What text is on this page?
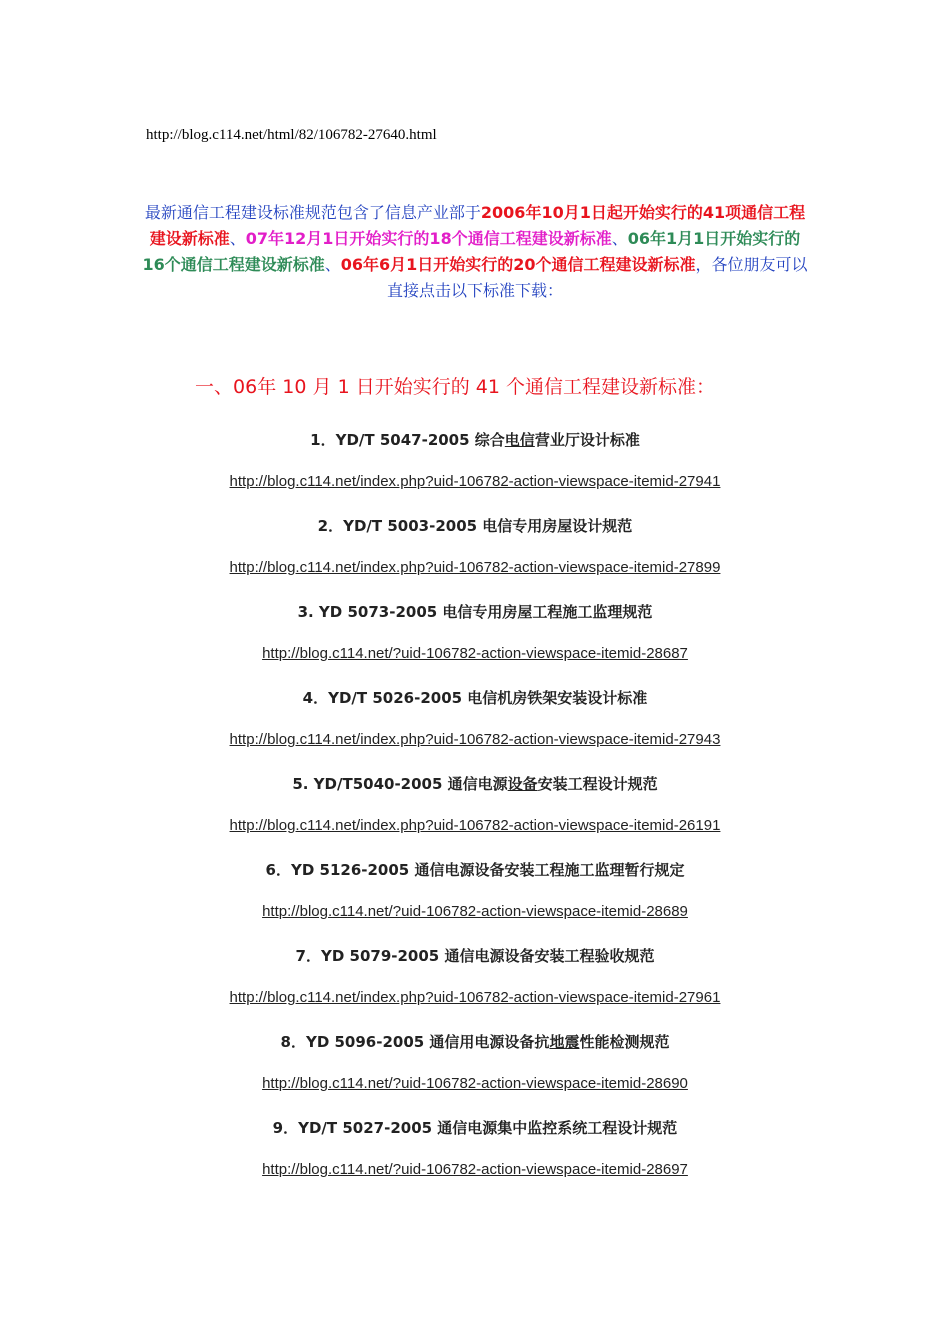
http://blog.c114.net/html/82/106782-27640.html
最新通信工程建设标准规范包含了信息产业部于2006年10月1日起开始实行的41项通信工程建设新标准、07年12月1日开始实行的18个通信工程建设新标准、06年1月1日开始实行的16个通信工程建设新标准、06年6月1日开始实行的20个通信工程建设新标准，各位朋友可以直接点击以下标准下载：
一、06年 10 月 1 日开始实行的 41 个通信工程建设新标准：
1．YD/T 5047-2005 综合电信营业厅设计标准
http://blog.c114.net/index.php?uid-106782-action-viewspace-itemid-27941
2．YD/T 5003-2005 电信专用房屋设计规范
http://blog.c114.net/index.php?uid-106782-action-viewspace-itemid-27899
3. YD 5073-2005 电信专用房屋工程施工监理规范
http://blog.c114.net/?uid-106782-action-viewspace-itemid-28687
4．YD/T 5026-2005 电信机房铁架安装设计标准
http://blog.c114.net/index.php?uid-106782-action-viewspace-itemid-27943
5. YD/T5040-2005 通信电源设备安装工程设计规范
http://blog.c114.net/index.php?uid-106782-action-viewspace-itemid-26191
6．YD 5126-2005 通信电源设备安装工程施工监理暂行规定
http://blog.c114.net/?uid-106782-action-viewspace-itemid-28689
7．YD 5079-2005 通信电源设备安装工程验收规范
http://blog.c114.net/index.php?uid-106782-action-viewspace-itemid-27961
8．YD 5096-2005 通信用电源设备抗地震性能检测规范
http://blog.c114.net/?uid-106782-action-viewspace-itemid-28690
9．YD/T 5027-2005 通信电源集中监控系统工程设计规范
http://blog.c114.net/?uid-106782-action-viewspace-itemid-28697
